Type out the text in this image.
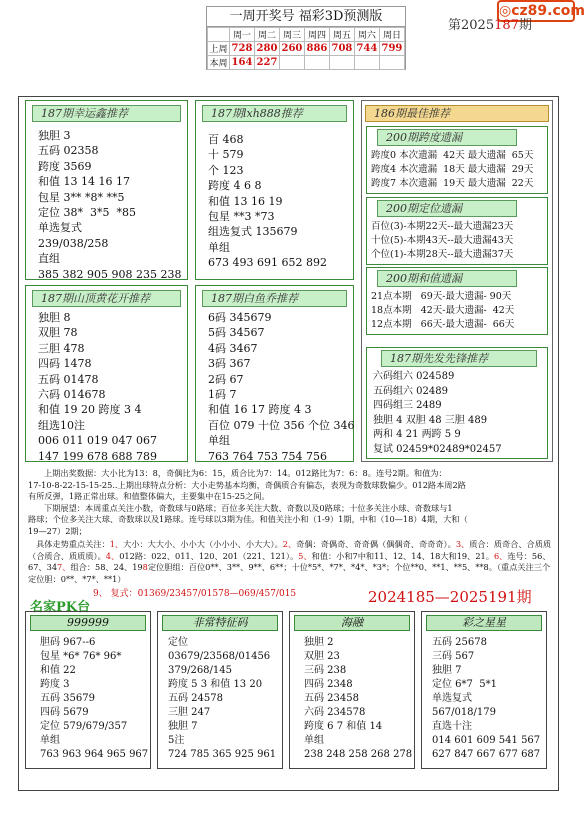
◎cz89.com
一周开奖号 福彩3D预测版
	周一	周二	周三	周四	周五	周六	周日
上周	728	280	260	886	708	744	799
本周	164	227					
第2025187期
187期幸运鑫推荐
独胆 3
五码 02358
跨度 3569
和值 13 14 16 17
包星 3** *8* **5
定位 38*  3*5  *85
单选复式
239/038/258
直组
385 382 905 908 235 238
187期lxh888推荐
百 468
十 579
个 123
跨度 4 6 8
和值 13 16 19
包星 **3 *73
组选复式 135679
单组
673 493 691 652 892
186期最佳推荐
200期跨度遗漏
跨度0 本次遗漏  42天 最大遗漏  65天
跨度4 本次遗漏  18天 最大遗漏  29天
跨度7 本次遗漏  19天 最大遗漏  22天
200期定位遗漏
百位(3)-本期22天--最大遗漏23天
十位(5)-本期43天--最大遗漏43天
个位(1)-本期28天--最大遗漏37天
200期和值遗漏
21点本期   69天-最大遗漏- 90天
18点本期   42天-最大遗漏-  42天
12点本期   66天-最大遗漏-  66天
187期先发先锋推荐
六码组六 024589
五码组六 02489
四码组三 2489
独胆 4 双胆 48 三胆 489
两和 4 21 两跨 5 9
复试 02459*02489*02457
187期山顶黄花开推荐
独胆 8
双胆 78
三胆 478
四码 1478
五码 01478
六码 014678
和值 19 20 跨度 3 4
组选10注
006 011 019 047 067
147 199 678 688 789
187期白鱼乔推荐
6码 345679
5码 34567
4码 3467
3码 367
2码 67
1码 7
和值 16 17 跨度 4 3
百位 079 十位 356 个位 346
单组
763 764 753 754 756
上期出奖数据：大小比为13：8，奇偶比为6：15，质合比为7：14。012路比为7：6：8。连号2期。和值为：
17-10-8-22-15-15-25..上期出球特点分析：大小走势基本均衡，奇偶质合有偏态，表现为奇数球数偏少。012路本周2路
有所反弹，1路正常出球。和值整体偏大，主要集中在15-25之间。
下期展望：本周重点关注小数，奇数球与0路球；百位多关注大数、奇数以及0路球；十位多关注小球、奇数球与1
路球；个位多关注大球、奇数球以及1路球。连号球以3期为佳。和值关注小和（1-9）1期，中和（10—18）4期，大和（
19—27）2期；
具体走势重点关注：1、大小：大大小、小小大（小小小、小大大）。2、奇偶：奇偶奇、奇奇偶（偶偶奇、奇奇奇）。3、质合：质奇合、合质质（合质合、质质质）。4、012路：022、011、120、201（221、121）。5、和值：小和7中和11、12、14、18大和19、21。6、连号：56、67、347、组合：58、24、198定位胆组：百位0**、3**、9**、6**；十位*5*、*7*、*4*、*3*；个位**0、**1、**5、**8。（重点关注三个定位胆：0**、*7*、**1）
9、 复式：01369/23457/01578—069/457/015
名家PK台
2024185—2025191期
999999
胆码 967--6
包星 *6* 76* 96*
和值 22
跨度 3
五码 35679
四码 5679
定位 579/679/357
单组
763 963 964 965 967
非常特征码
定位
03679/23568/01456
379/268/145
跨度 5 3 和值 13 20
五码 24578
三胆 247
独胆 7
5注
724 785 365 925 961
海融
独胆 2
双胆 23
三码 238
四码 2348
五码 23458
六码 234578
跨度 6 7 和值 14
单组
238 248 258 268 278
彩之星星
五码 25678
三码 567
独胆 7
定位 6*7  5*1
单选复式
567/018/179
直选十注
014 601 609 541 567
627 847 667 677 687
